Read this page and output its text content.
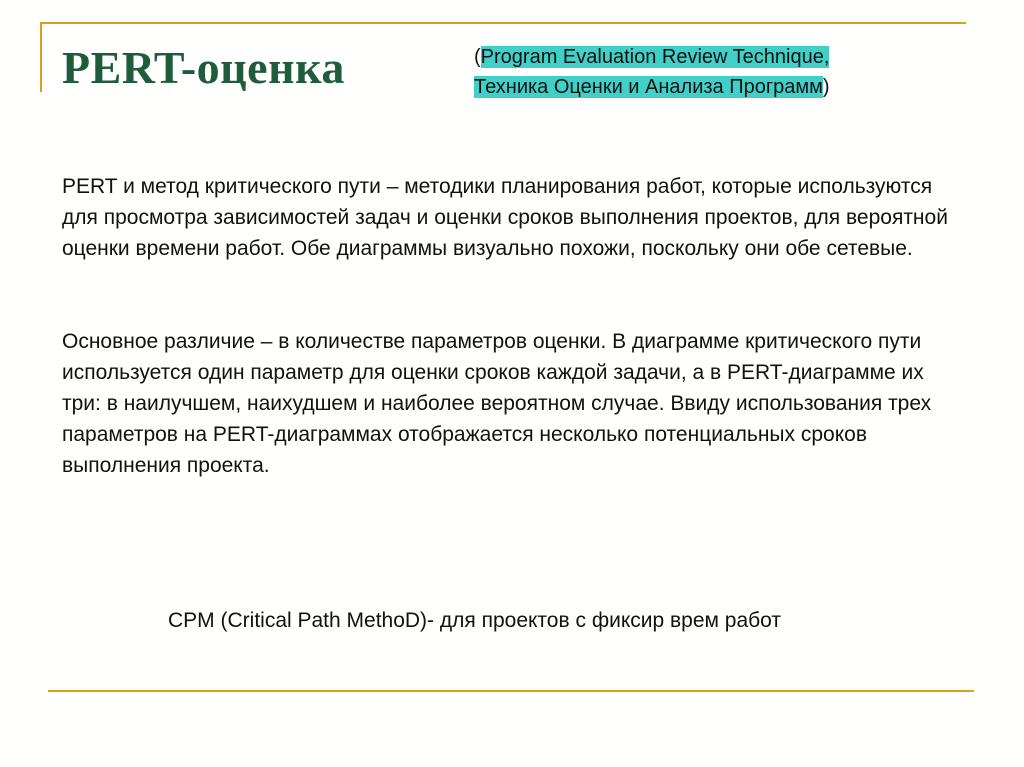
PERT-оценка	(Program Evaluation Review Technique,
Техника Оценки и Анализа Программ)

PERT и метод критического пути – методики планирования работ, которые используются для просмотра зависимостей задач и оценки сроков выполнения проектов, для вероятной оценки времени работ. Обе диаграммы визуально похожи, поскольку они обе сетевые.

Основное различие – в количестве параметров оценки. В диаграмме критического пути используется один параметр для оценки сроков каждой задачи, а в PERT-диаграмме их три: в наилучшем, наихудшем и наиболее вероятном случае. Ввиду использования трех параметров на PERT-диаграммах отображается несколько потенциальных сроков выполнения проекта.

CPM (Critical Path MethoD)- для проектов с фиксир врем работ
